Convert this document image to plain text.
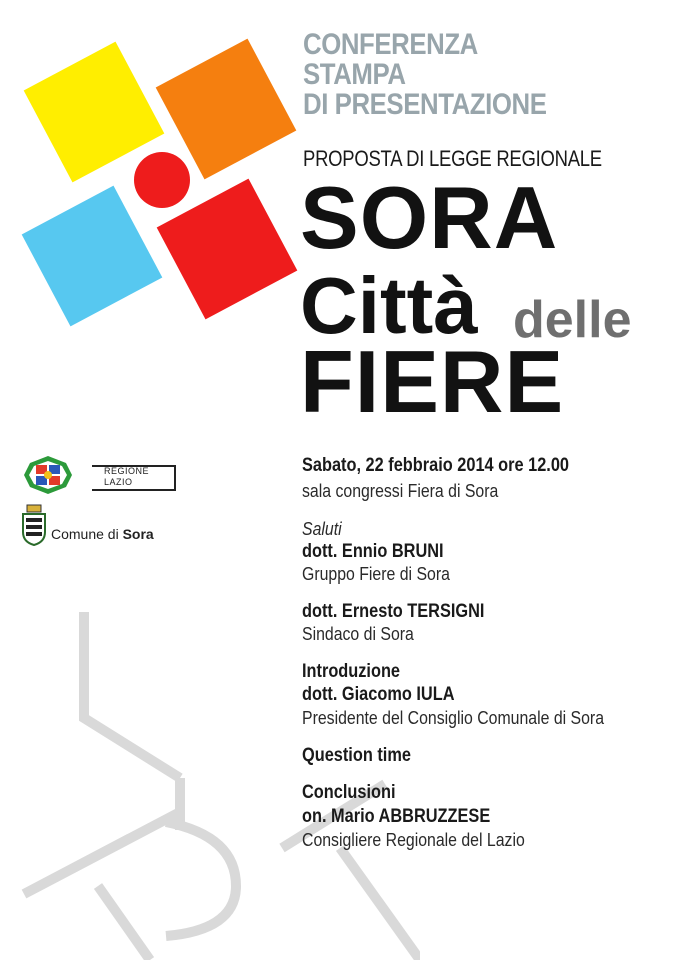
CONFERENZA
STAMPA
DI PRESENTAZIONE
PROPOSTA DI LEGGE REGIONALE
SORA
Città delle
FIERE
REGIONE
LAZIO
Comune di Sora
Sabato, 22 febbraio 2014 ore 12.00
sala congressi Fiera di Sora
Saluti
dott. Ennio BRUNI
Gruppo Fiere di Sora
dott. Ernesto TERSIGNI
Sindaco di Sora
Introduzione
dott. Giacomo IULA
Presidente del Consiglio Comunale di Sora
Question time
Conclusioni
on. Mario ABBRUZZESE
Consigliere Regionale del Lazio
